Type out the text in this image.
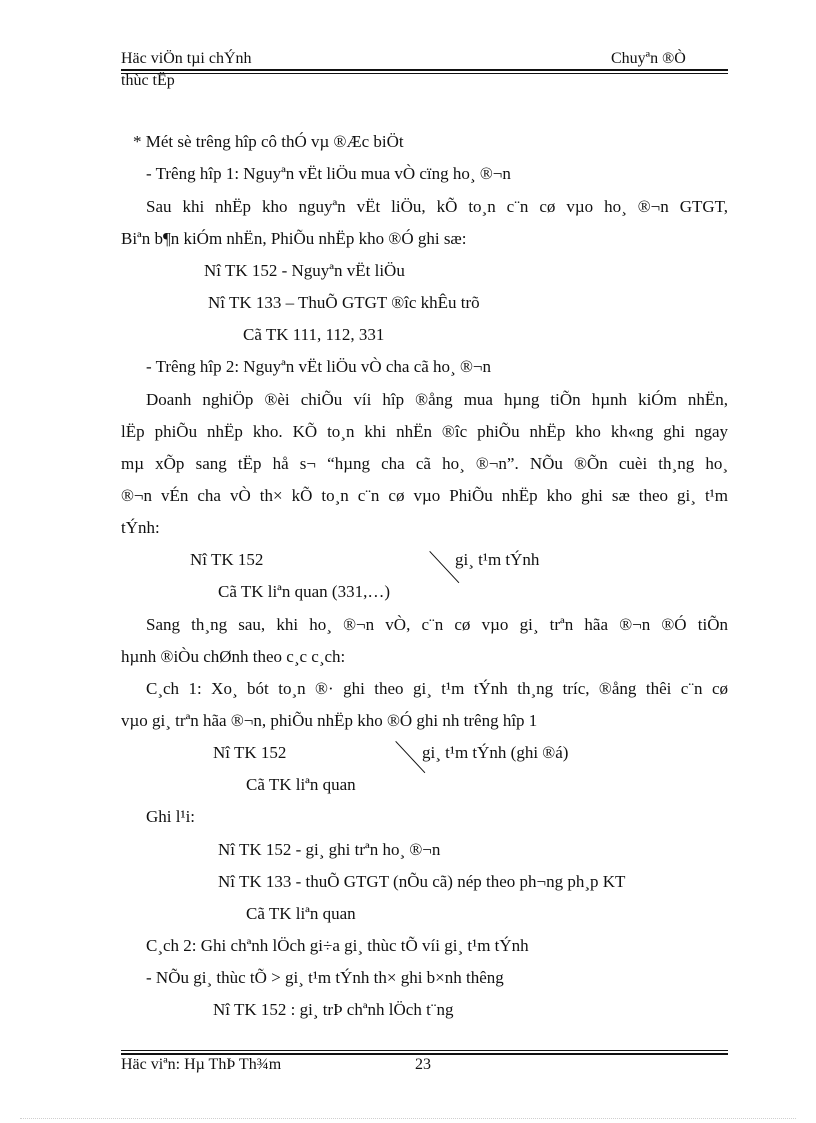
Häc viÖn tµi chÝnh	Chuyªn ®Ò
thùc tËp
* Mét sè trêng hîp cô thÓ vµ ®Æc biÖt
- Trêng hîp 1: Nguyªn vËt liÖu mua vÒ cïng ho¸ ®¬n
Sau khi nhËp kho nguyªn vËt liÖu, kÕ to¸n c¨n cø vµo ho¸ ®¬n GTGT,
Biªn b¶n kiÓm nhËn, PhiÕu nhËp kho ®Ó ghi sæ:
Nî TK 152 - Nguyªn vËt liÖu
Nî TK 133 – ThuÕ GTGT ®îc khÊu trõ
Cã TK 111, 112, 331
- Trêng hîp 2: Nguyªn vËt liÖu vÒ cha cã ho¸ ®¬n
Doanh nghiÖp ®èi chiÕu víi hîp ®ång mua hµng tiÕn hµnh kiÓm nhËn,
lËp phiÕu nhËp kho. KÕ to¸n khi nhËn ®îc phiÕu nhËp kho kh«ng ghi ngay
mµ xÕp sang tËp hå s¬ “hµng cha cã ho¸ ®¬n”. NÕu ®Õn cuèi th¸ng ho¸
®¬n vÉn cha vÒ th× kÕ to¸n c¨n cø vµo PhiÕu nhËp kho ghi sæ theo gi¸ t¹m
tÝnh:
Nî TK 152	gi¸ t¹m tÝnh
Cã TK liªn quan (331,…)
Sang th¸ng sau, khi ho¸ ®¬n vÒ, c¨n cø vµo gi¸ trªn hãa ®¬n ®Ó tiÕn
hµnh ®iÒu chØnh theo c¸c c¸ch:
C¸ch 1: Xo¸ bót to¸n ®· ghi theo gi¸ t¹m tÝnh th¸ng tríc, ®ång thêi c¨n cø
vµo gi¸ trªn hãa ®¬n, phiÕu nhËp kho ®Ó ghi nh trêng hîp 1
Nî TK 152	gi¸ t¹m tÝnh (ghi ®á)
Cã TK liªn quan
Ghi l¹i:
Nî TK 152 - gi¸ ghi trªn ho¸ ®¬n
Nî TK 133 - thuÕ GTGT (nÕu cã) nép theo ph¬ng ph¸p KT
Cã TK liªn quan
C¸ch 2: Ghi chªnh lÖch gi÷a gi¸ thùc tÕ víi gi¸ t¹m tÝnh
- NÕu gi¸ thùc tÕ > gi¸ t¹m tÝnh th× ghi b×nh thêng
Nî TK 152 : gi¸ trÞ chªnh lÖch t¨ng
Häc viªn: Hµ ThÞ Th¾m	23
